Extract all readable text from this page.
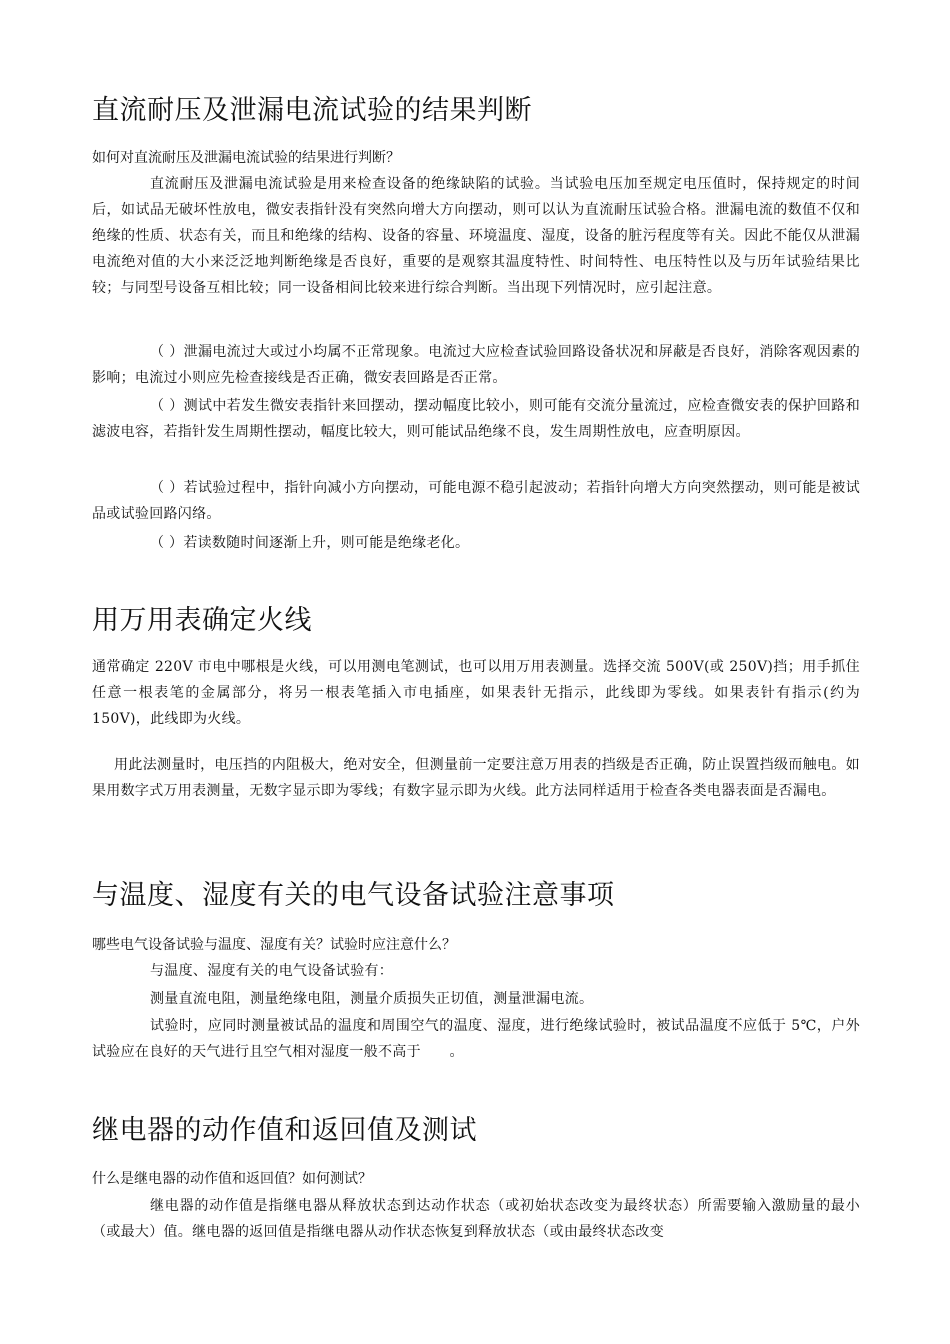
直流耐压及泄漏电流试验的结果判断

如何对直流耐压及泄漏电流试验的结果进行判断？

直流耐压及泄漏电流试验是用来检查设备的绝缘缺陷的试验。当试验电压加至规定电压值时，保持规定的时间后，如试品无破坏性放电，微安表指针没有突然向增大方向摆动，则可以认为直流耐压试验合格。泄漏电流的数值不仅和绝缘的性质、状态有关，而且和绝缘的结构、设备的容量、环境温度、湿度，设备的脏污程度等有关。因此不能仅从泄漏电流绝对值的大小来泛泛地判断绝缘是否良好，重要的是观察其温度特性、时间特性、电压特性以及与历年试验结果比较；与同型号设备互相比较；同一设备相间比较来进行综合判断。当出现下列情况时，应引起注意。

（ ）泄漏电流过大或过小均属不正常现象。电流过大应检查试验回路设备状况和屏蔽是否良好，消除客观因素的影响；电流过小则应先检查接线是否正确，微安表回路是否正常。

（ ）测试中若发生微安表指针来回摆动，摆动幅度比较小，则可能有交流分量流过，应检查微安表的保护回路和滤波电容，若指针发生周期性摆动，幅度比较大，则可能试品绝缘不良，发生周期性放电，应查明原因。

（ ）若试验过程中，指针向减小方向摆动，可能电源不稳引起波动；若指针向增大方向突然摆动，则可能是被试品或试验回路闪络。

（ ）若读数随时间逐渐上升，则可能是绝缘老化。

用万用表确定火线

通常确定 220V 市电中哪根是火线，可以用测电笔测试，也可以用万用表测量。选择交流 500V(或 250V)挡；用手抓住任意一根表笔的金属部分，将另一根表笔插入市电插座，如果表针无指示，此线即为零线。如果表针有指示(约为 150V)，此线即为火线。

用此法测量时，电压挡的内阻极大，绝对安全，但测量前一定要注意万用表的挡级是否正确，防止误置挡级而触电。如果用数字式万用表测量，无数字显示即为零线；有数字显示即为火线。此方法同样适用于检查各类电器表面是否漏电。

与温度、湿度有关的电气设备试验注意事项

哪些电气设备试验与温度、湿度有关？试验时应注意什么？

与温度、湿度有关的电气设备试验有：

测量直流电阻，测量绝缘电阻，测量介质损失正切值，测量泄漏电流。

试验时，应同时测量被试品的温度和周围空气的温度、湿度，进行绝缘试验时，被试品温度不应低于 5℃，户外试验应在良好的天气进行且空气相对湿度一般不高于　　。

继电器的动作值和返回值及测试

什么是继电器的动作值和返回值？如何测试？

继电器的动作值是指继电器从释放状态到达动作状态（或初始状态改变为最终状态）所需要输入激励量的最小（或最大）值。继电器的返回值是指继电器从动作状态恢复到释放状态（或由最终状态改变
